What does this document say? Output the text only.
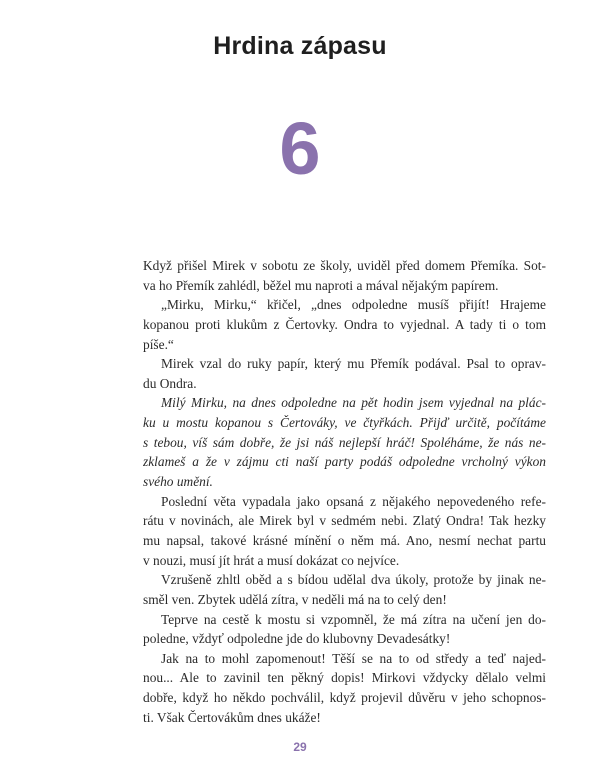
Hrdina zápasu
6
Když přišel Mirek v sobotu ze školy, uviděl před domem Přemíka. Sot-
va ho Přemík zahlédl, běžel mu naproti a mával nějakým papírem.
„Mirku, Mirku,“ křičel, „dnes odpoledne musíš přijít! Hrajeme
kopanou proti klukům z Čertovky. Ondra to vyjednal. A tady ti o tom
píše.“
Mirek vzal do ruky papír, který mu Přemík podával. Psal to oprav-
du Ondra.
Milý Mirku, na dnes odpoledne na pět hodin jsem vyjednal na plác-
ku u mostu kopanou s Čertováky, ve čtyřkách. Přijď určitě, počítáme
s tebou, víš sám dobře, že jsi náš nejlepší hráč! Spoléháme, že nás ne-
zklameš a že v zájmu cti naší party podáš odpoledne vrcholný výkon
svého umění.
Poslední věta vypadala jako opsaná z nějakého nepovedeného refe-
rátu v novinách, ale Mirek byl v sedmém nebi. Zlatý Ondra! Tak hezky
mu napsal, takové krásné mínění o něm má. Ano, nesmí nechat partu
v nouzi, musí jít hrát a musí dokázat co nejvíce.
Vzrušeně zhltl oběd a s bídou udělal dva úkoly, protože by jinak ne-
směl ven. Zbytek udělá zítra, v neděli má na to celý den!
Teprve na cestě k mostu si vzpomněl, že má zítra na učení jen do-
poledne, vždyť odpoledne jde do klubovny Devadesátky!
Jak na to mohl zapomenout! Těší se na to od středy a teď najed-
nou... Ale to zavinil ten pěkný dopis! Mirkovi vždycky dělalo velmi
dobře, když ho někdo pochválil, když projevil důvěru v jeho schopnos-
ti. Však Čertovákům dnes ukáže!
29
